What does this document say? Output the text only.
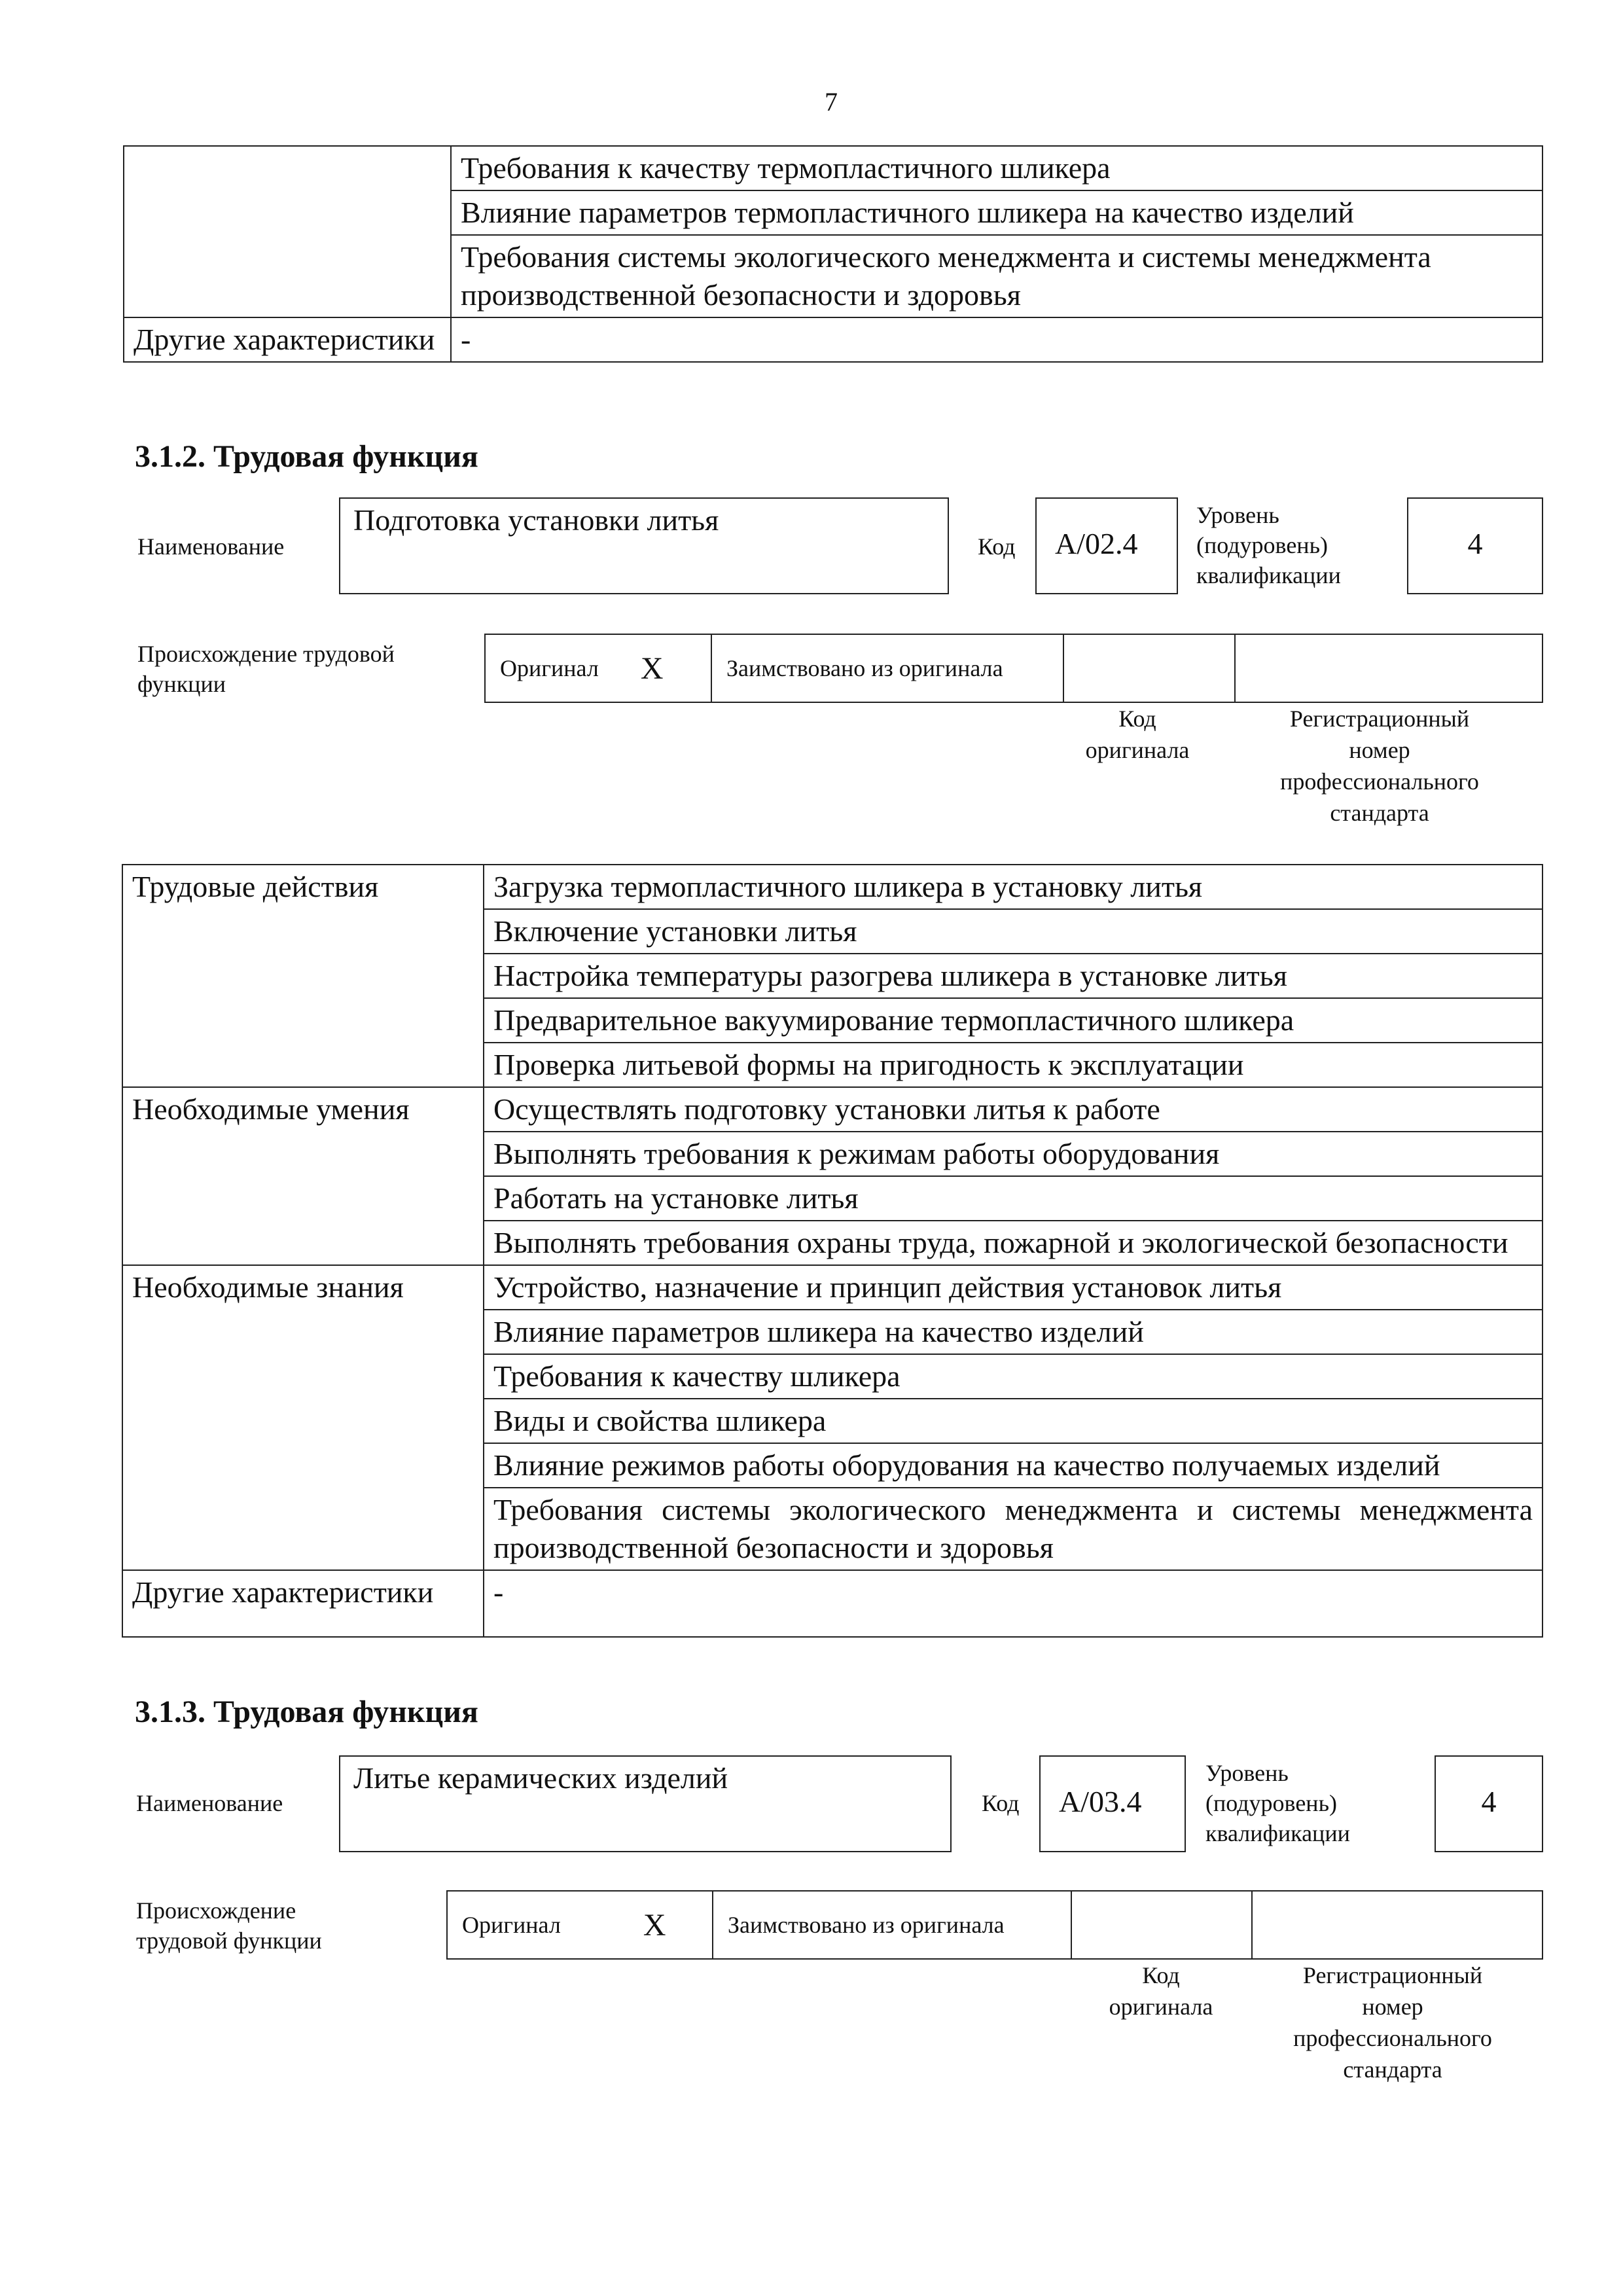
7
	Требования к качеству термопластичного шликера
	Влияние параметров термопластичного шликера на качество изделий
	Требования системы экологического менеджмента и системы менеджмента производственной безопасности и здоровья
Другие характеристики	-
3.1.2. Трудовая функция
Наименование
Подготовка установки литья
Код	A/02.4
Уровень (подуровень) квалификации
4
Происхождение трудовой функции
Оригинал X	Заимствовано из оригинала
Код оригинала
Регистрационный номер профессионального стандарта
Трудовые действия	Загрузка термопластичного шликера в установку литья
	Включение установки литья
	Настройка температуры разогрева шликера в установке литья
	Предварительное вакуумирование термопластичного шликера
	Проверка литьевой формы на пригодность к эксплуатации
Необходимые умения	Осуществлять подготовку установки литья к работе
	Выполнять требования к режимам работы оборудования
	Работать на установке литья
	Выполнять требования охраны труда, пожарной и экологической безопасности
Необходимые знания	Устройство, назначение и принцип действия установок литья
	Влияние параметров шликера на качество изделий
	Требования к качеству шликера
	Виды и свойства шликера
	Влияние режимов работы оборудования на качество получаемых изделий
	Требования системы экологического менеджмента и системы менеджмента производственной безопасности и здоровья
Другие характеристики	-
3.1.3. Трудовая функция
Наименование
Литье керамических изделий
Код	A/03.4
Уровень (подуровень) квалификации
4
Происхождение трудовой функции
Оригинал	X	Заимствовано из оригинала
Код оригинала
Регистрационный номер профессионального стандарта
